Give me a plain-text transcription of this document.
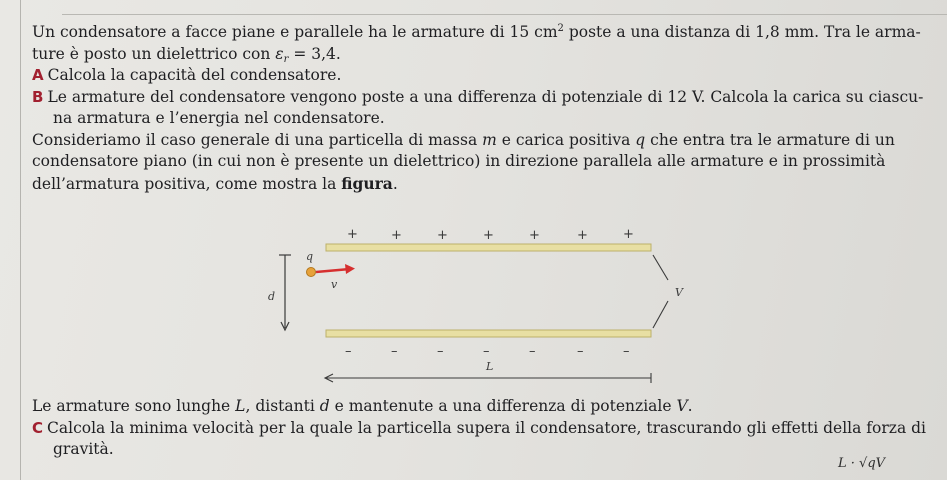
Un condensatore a facce piane e parallele ha le armature di 15 $cm^2$ poste a una distanza di 1,8 mm. Tra le arma-
ture è posto un dielettrico con $\varepsilon_r = 3,4$.
A Calcola la capacità del condensatore.
B Le armature del condensatore vengono poste a una differenza di potenziale di 12 V. Calcola la carica su ciascu-
na armatura e l’energia nel condensatore.
Consideriamo il caso generale di una particella di massa m e carica positiva q che entra tra le armature di un
condensatore piano (in cui non è presente un dielettrico) in direzione parallela alle armature e in prossimità
dell’armatura positiva, come mostra la figura.
+	+	+	+	+	+	+
–	–	–	–	–	–	–
d
q
v
V
L
Le armature sono lunghe L, distanti d e mantenute a una differenza di potenziale V.
C Calcola la minima velocità per la quale la particella supera il condensatore, trascurando gli effetti della forza di
gravità.
L · √qV
